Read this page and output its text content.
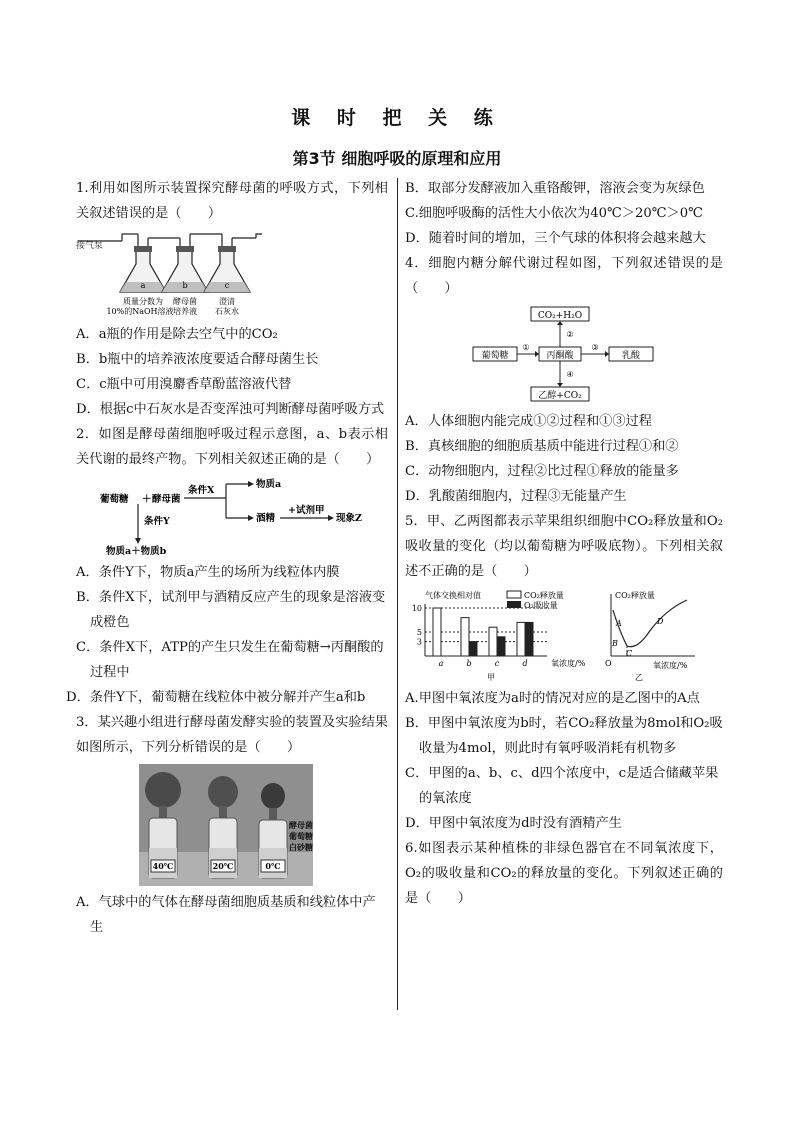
课 时 把 关 练
第3节 细胞呼吸的原理和应用

1.利用如图所示装置探究酵母菌的呼吸方式，下列相关叙述错误的是（　　）

接气泵
a	b	c
质量分数为
10%的NaOH溶液
酵母菌
培养液
澄清
石灰水

A．a瓶的作用是除去空气中的CO₂

B．b瓶中的培养液浓度要适合酵母菌生长

C．c瓶中可用溴麝香草酚蓝溶液代替

D．根据c中石灰水是否变浑浊可判断酵母菌呼吸方式

2．如图是酵母菌细胞呼吸过程示意图，a、b表示相关代谢的最终产物。下列相关叙述正确的是（　　）

葡萄糖 ＋ 酵母菌
条件X
物质a
酒精
+试剂甲
现象Z
条件Y
物质a＋物质b

A．条件Y下，物质a产生的场所为线粒体内膜

B．条件X下，试剂甲与酒精反应产生的现象是溶液变成橙色

C．条件X下，ATP的产生只发生在葡萄糖→丙酮酸的过程中

D．条件Y下，葡萄糖在线粒体中被分解并产生a和b

3．某兴趣小组进行酵母菌发酵实验的装置及实验结果如图所示，下列分析错误的是（　　）

40℃	20℃	0℃
酵母菌
葡萄糖
白砂糖

A．气球中的气体在酵母菌细胞质基质和线粒体中产生

B．取部分发酵液加入重铬酸钾，溶液会变为灰绿色

C.细胞呼吸酶的活性大小依次为40℃＞20℃＞0℃

D．随着时间的增加，三个气球的体积将会越来越大

4．细胞内糖分解代谢过程如图，下列叙述错误的是（　　）

CO₂+H₂O
葡萄糖	丙酮酸	乳酸
乙醇+CO₂
①
②
③
④

A．人体细胞内能完成①②过程和①③过程

B．真核细胞的细胞质基质中能进行过程①和②

C．动物细胞内，过程②比过程①释放的能量多

D．乳酸菌细胞内，过程③无能量产生

5．甲、乙两图都表示苹果组织细胞中CO₂释放量和O₂吸收量的变化（均以葡萄糖为呼吸底物）。下列相关叙述不正确的是（　　）

气体交换相对值	CO₂释放量
O₂吸收量
10
5
3
a	b	c	d	氧浓度/%
甲
CO₂释放量
O
A
B
C
D
氧浓度/%
乙

A.甲图中氧浓度为a时的情况对应的是乙图中的A点

B．甲图中氧浓度为b时，若CO₂释放量为8mol和O₂吸收量为4mol，则此时有氧呼吸消耗有机物多

C．甲图的a、b、c、d四个浓度中，c是适合储藏苹果的氧浓度

D．甲图中氧浓度为d时没有酒精产生

6.如图表示某种植株的非绿色器官在不同氧浓度下，O₂的吸收量和CO₂的释放量的变化。下列叙述正确的是（　　）
